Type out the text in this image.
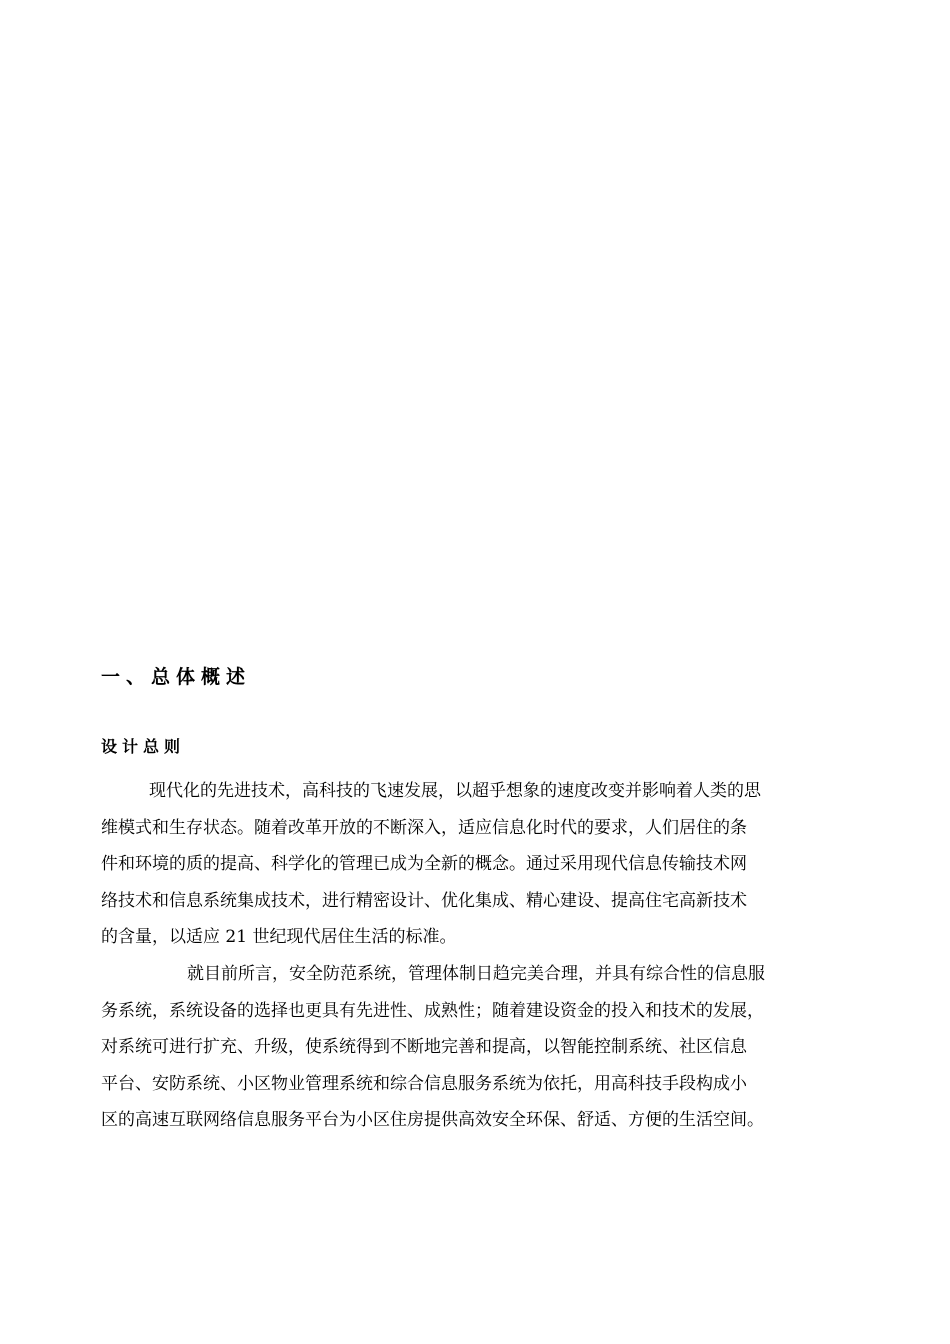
一、总体概述
设计总则
现代化的先进技术，高科技的飞速发展，以超乎想象的速度改变并影响着人类的思
维模式和生存状态。随着改革开放的不断深入，适应信息化时代的要求，人们居住的条
件和环境的质的提高、科学化的管理已成为全新的概念。通过采用现代信息传输技术网
络技术和信息系统集成技术，进行精密设计、优化集成、精心建设、提高住宅高新技术
的含量，以适应 21 世纪现代居住生活的标准。
就目前所言，安全防范系统，管理体制日趋完美合理，并具有综合性的信息服
务系统，系统设备的选择也更具有先进性、成熟性；随着建设资金的投入和技术的发展，
对系统可进行扩充、升级，使系统得到不断地完善和提高，以智能控制系统、社区信息
平台、安防系统、小区物业管理系统和综合信息服务系统为依托，用高科技手段构成小
区的高速互联网络信息服务平台为小区住房提供高效安全环保、舒适、方便的生活空间。
